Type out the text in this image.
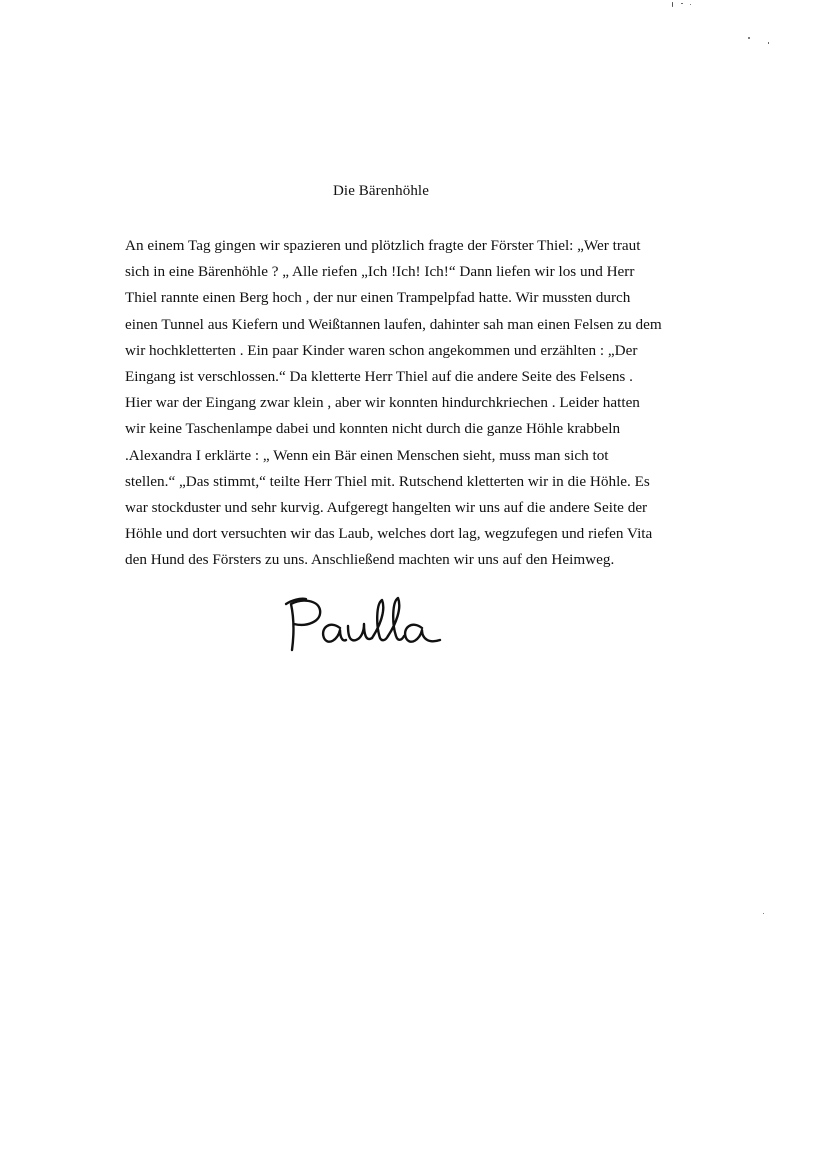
Die Bärenhöhle
An einem Tag gingen wir spazieren und plötzlich fragte der Förster Thiel: „Wer traut
sich in eine Bärenhöhle ? „ Alle riefen „Ich !Ich! Ich!“ Dann liefen wir los und Herr
Thiel rannte einen Berg hoch , der nur einen Trampelpfad hatte. Wir mussten durch
einen Tunnel aus Kiefern und Weißtannen laufen, dahinter sah man einen Felsen zu dem
wir hochkletterten . Ein paar Kinder waren schon angekommen und erzählten : „Der
Eingang ist verschlossen.“ Da kletterte Herr Thiel auf die andere Seite des Felsens .
Hier war der Eingang zwar klein , aber wir konnten hindurchkriechen . Leider hatten
wir keine Taschenlampe dabei und konnten nicht durch die ganze Höhle krabbeln
.Alexandra I erklärte : „ Wenn ein Bär einen Menschen sieht, muss man sich tot
stellen.“ „Das stimmt,“ teilte Herr Thiel mit. Rutschend kletterten wir in die Höhle. Es
war stockduster und sehr kurvig. Aufgeregt hangelten wir uns auf die andere Seite der
Höhle und dort versuchten wir das Laub, welches dort lag, wegzufegen und riefen Vita
den Hund des Försters zu uns. Anschließend machten wir uns auf den Heimweg.
